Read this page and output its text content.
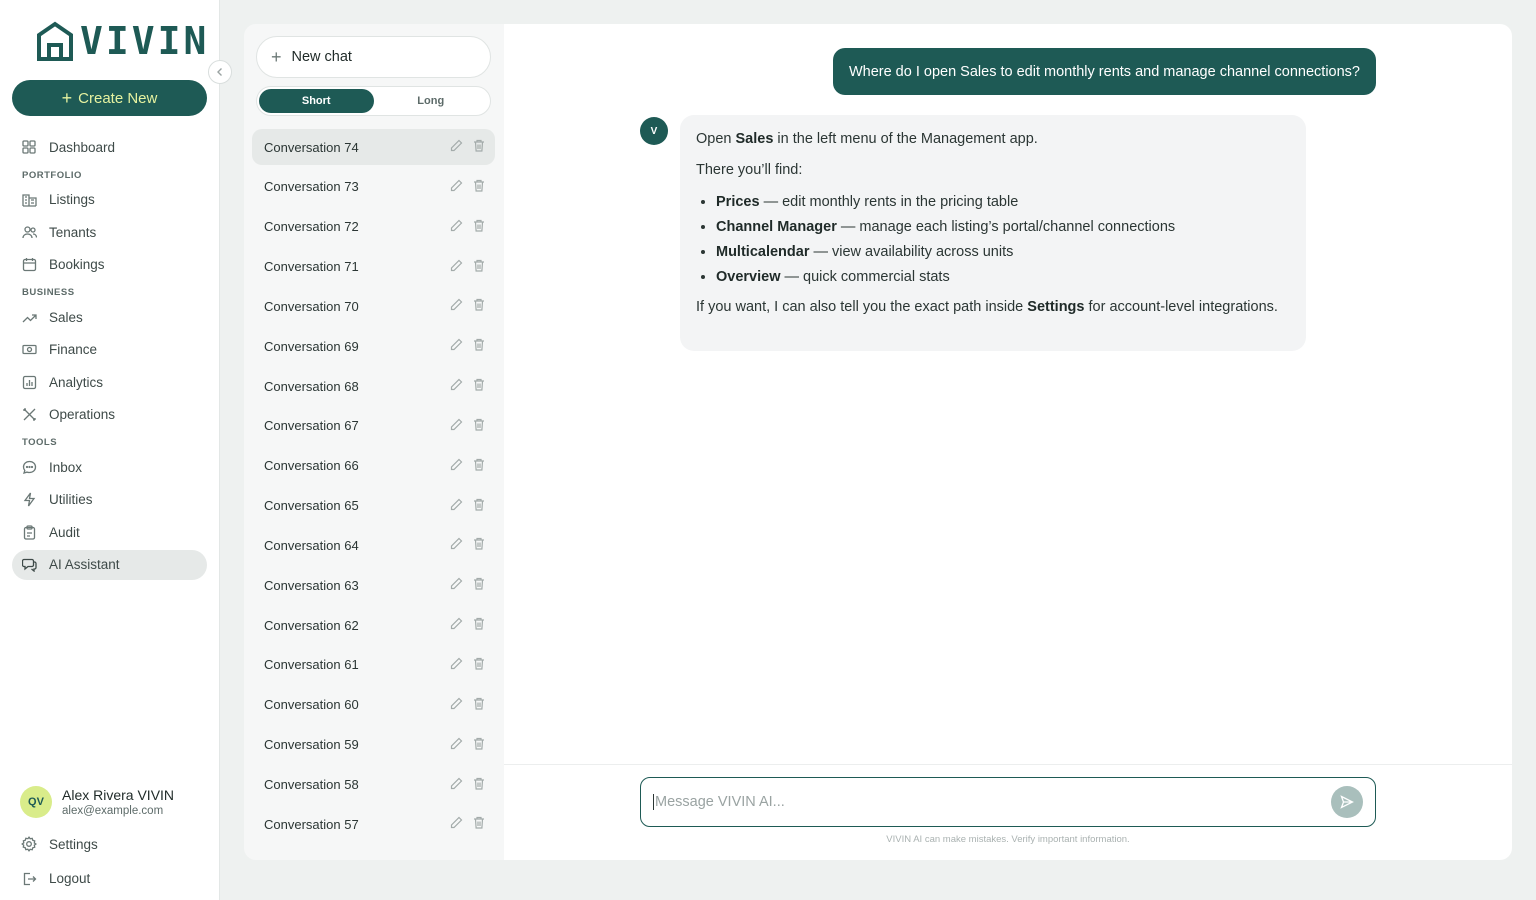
VIVIN
+ Create New
Dashboard
PORTFOLIO
Listings
Tenants
Bookings
BUSINESS
Sales
Finance
Analytics
Operations
TOOLS
Inbox
Utilities
Audit
AI Assistant
QV	Alex Rivera VIVIN
alex@example.com
Settings
Logout
+ New chat
Short	Long
Conversation 74
Conversation 73
Conversation 72
Conversation 71
Conversation 70
Conversation 69
Conversation 68
Conversation 67
Conversation 66
Conversation 65
Conversation 64
Conversation 63
Conversation 62
Conversation 61
Conversation 60
Conversation 59
Conversation 58
Conversation 57
Where do I open Sales to edit monthly rents and manage channel connections?
V	Open Sales in the left menu of the Management app.

There you’ll find:

• Prices — edit monthly rents in the pricing table
• Channel Manager — manage each listing’s portal/channel connections
• Multicalendar — view availability across units
• Overview — quick commercial stats

If you want, I can also tell you the exact path inside Settings for account-level integrations.

Message VIVIN AI...
VIVIN AI can make mistakes. Verify important information.
